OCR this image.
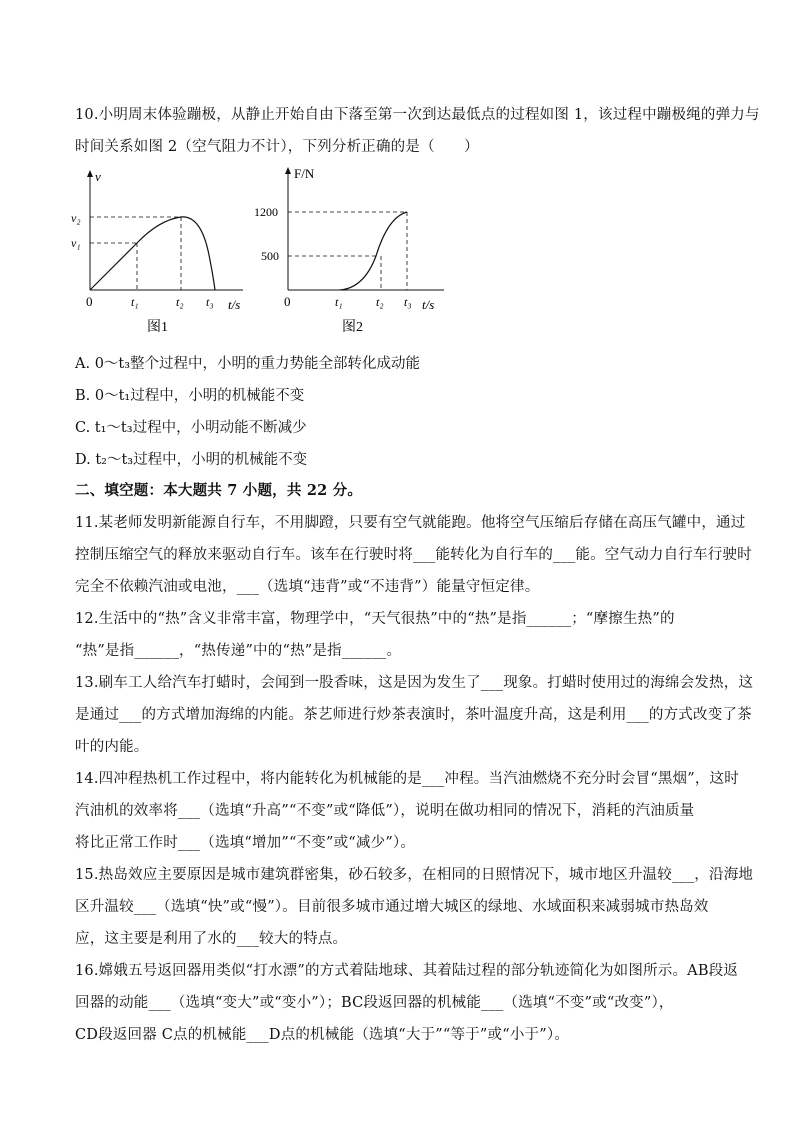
10.小明周末体验蹦极，从静止开始自由下落至第一次到达最低点的过程如图 1，该过程中蹦极绳的弹力与
时间关系如图 2（空气阻力不计），下列分析正确的是（　　）
v
v₂
v₁
0	t₁	t₂ t₃ t/s
图1
F/N
1200
500
0	t₁	t₂ t₃ t/s
图2
A. 0～t₃整个过程中，小明的重力势能全部转化成动能
B. 0～t₁过程中，小明的机械能不变
C. t₁～t₃过程中，小明动能不断减少
D. t₂～t₃过程中，小明的机械能不变
二、填空题：本大题共 7 小题，共 22 分。
11.某老师发明新能源自行车，不用脚蹬，只要有空气就能跑。他将空气压缩后存储在高压气罐中，通过
控制压缩空气的释放来驱动自行车。该车在行驶时将___能转化为自行车的___能。空气动力自行车行驶时
完全不依赖汽油或电池，___（选填“违背”或“不违背”）能量守恒定律。
12.生活中的“热”含义非常丰富，物理学中，“天气很热”中的“热”是指______；“摩擦生热”的
“热”是指______，“热传递”中的“热”是指______。
13.刷车工人给汽车打蜡时，会闻到一股香味，这是因为发生了___现象。打蜡时使用过的海绵会发热，这
是通过___的方式增加海绵的内能。茶艺师进行炒茶表演时，茶叶温度升高，这是利用___的方式改变了茶
叶的内能。
14.四冲程热机工作过程中，将内能转化为机械能的是___冲程。当汽油燃烧不充分时会冒“黑烟”，这时
汽油机的效率将___（选填“升高”“不变”或“降低”），说明在做功相同的情况下，消耗的汽油质量
将比正常工作时___（选填“增加”“不变”或“减少”）。
15.热岛效应主要原因是城市建筑群密集，砂石较多，在相同的日照情况下，城市地区升温较___，沿海地
区升温较___（选填“快”或“慢”）。目前很多城市通过增大城区的绿地、水域面积来减弱城市热岛效
应，这主要是利用了水的___较大的特点。
16.嫦娥五号返回器用类似“打水漂”的方式着陆地球、其着陆过程的部分轨迹简化为如图所示。AB段返
回器的动能___（选填“变大”或“变小”）；BC段返回器的机械能___（选填“不变”或“改变”），
CD段返回器 C点的机械能___D点的机械能（选填“大于”“等于”或“小于”）。
